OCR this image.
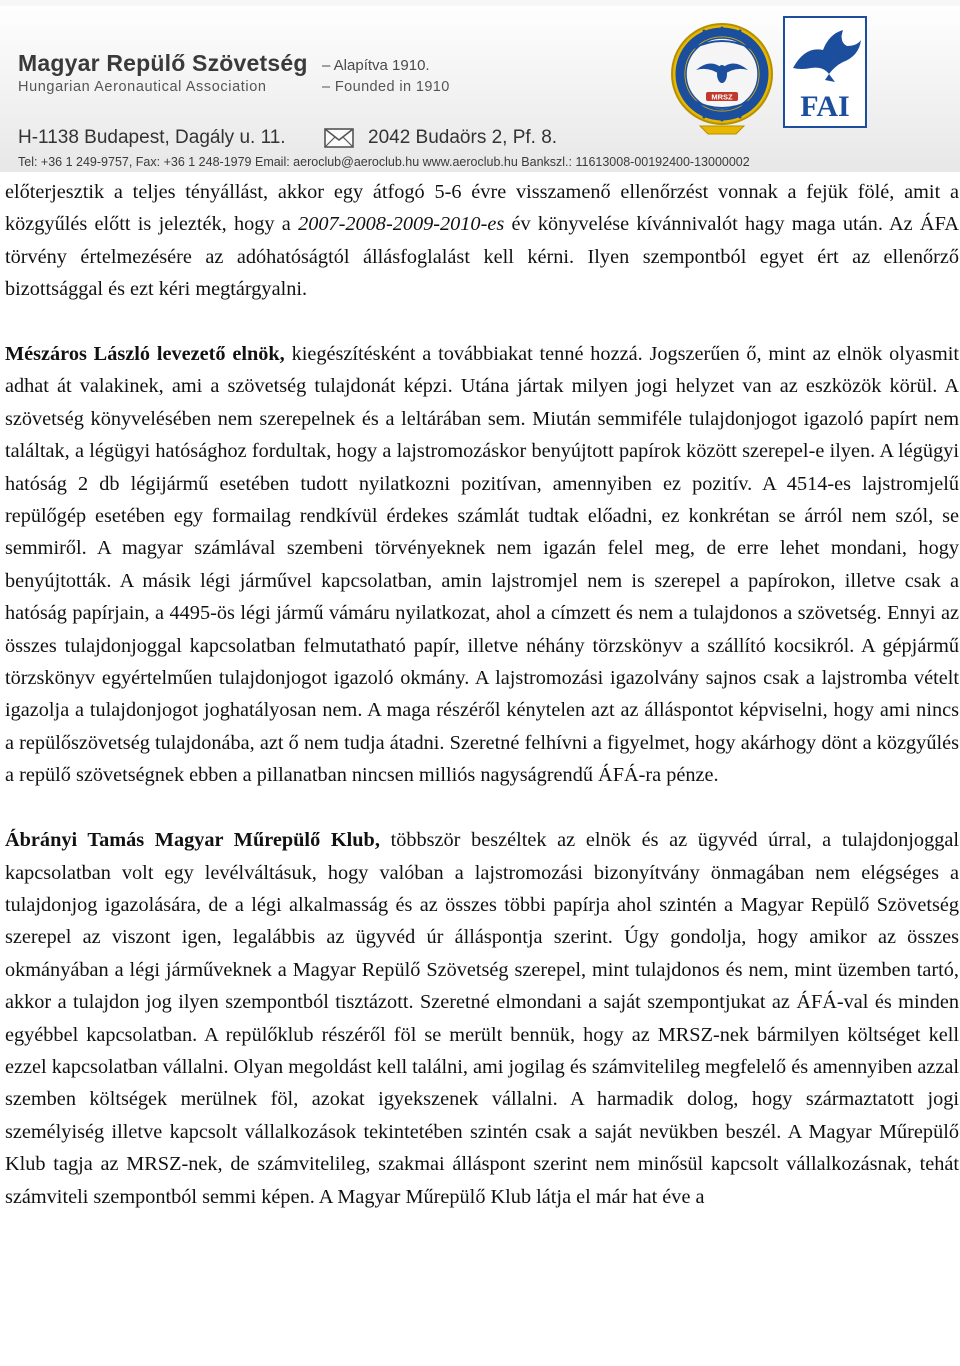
Magyar Repülő Szövetség – Alapítva 1910.
Hungarian Aeronautical Association	– Founded in 1910
H-1138 Budapest, Dagály u. 11.	2042 Budaörs 2, Pf. 8.
Tel: +36 1 249-9757, Fax: +36 1 248-1979 Email: aeroclub@aeroclub.hu www.aeroclub.hu Bankszl.: 11613008-00192400-13000002
MRSZ FAI

előterjesztik a teljes tényállást, akkor egy átfogó 5-6 évre visszamenő ellenőrzést vonnak a fejük fölé, amit a közgyűlés előtt is jelezték, hogy a 2007-2008-2009-2010-es év könyvelése kívánnivalót hagy maga után. Az ÁFA törvény értelmezésére az adóhatóságtól állásfoglalást kell kérni. Ilyen szempontból egyet ért az ellenőrző bizottsággal és ezt kéri megtárgyalni.

Mészáros László levezető elnök, kiegészítésként a továbbiakat tenné hozzá. Jogszerűen ő, mint az elnök olyasmit adhat át valakinek, ami a szövetség tulajdonát képzi. Utána jártak milyen jogi helyzet van az eszközök körül. A szövetség könyvelésében nem szerepelnek és a leltárában sem. Miután semmiféle tulajdonjogot igazoló papírt nem találtak, a légügyi hatósághoz fordultak, hogy a lajstromozáskor benyújtott papírok között szerepel-e ilyen. A légügyi hatóság 2 db légijármű esetében tudott nyilatkozni pozitívan, amennyiben ez pozitív. A 4514-es lajstromjelű repülőgép esetében egy formailag rendkívül érdekes számlát tudtak előadni, ez konkrétan se árról nem szól, se semmiről. A magyar számlával szembeni törvényeknek nem igazán felel meg, de erre lehet mondani, hogy benyújtották. A másik légi járművel kapcsolatban, amin lajstromjel nem is szerepel a papírokon, illetve csak a hatóság papírjain, a 4495-ös légi jármű vámáru nyilatkozat, ahol a címzett és nem a tulajdonos a szövetség. Ennyi az összes tulajdonjoggal kapcsolatban felmutatható papír, illetve néhány törzskönyv a szállító kocsikról. A gépjármű törzskönyv egyértelműen tulajdonjogot igazoló okmány. A lajstromozási igazolvány sajnos csak a lajstromba vételt igazolja a tulajdonjogot joghatályosan nem. A maga részéről kénytelen azt az álláspontot képviselni, hogy ami nincs a repülőszövetség tulajdonába, azt ő nem tudja átadni. Szeretné felhívni a figyelmet, hogy akárhogy dönt a közgyűlés a repülő szövetségnek ebben a pillanatban nincsen milliós nagyságrendű ÁFÁ-ra pénze.

Ábrányi Tamás Magyar Műrepülő Klub, többször beszéltek az elnök és az ügyvéd úrral, a tulajdonjoggal kapcsolatban volt egy levélváltásuk, hogy valóban a lajstromozási bizonyítvány önmagában nem elégséges a tulajdonjog igazolására, de a légi alkalmasság és az összes többi papírja ahol szintén a Magyar Repülő Szövetség szerepel az viszont igen, legalábbis az ügyvéd úr álláspontja szerint. Úgy gondolja, hogy amikor az összes okmányában a légi járműveknek a Magyar Repülő Szövetség szerepel, mint tulajdonos és nem, mint üzemben tartó, akkor a tulajdon jog ilyen szempontból tisztázott. Szeretné elmondani a saját szempontjukat az ÁFÁ-val és minden egyébbel kapcsolatban. A repülőklub részéről föl se merült bennük, hogy az MRSZ-nek bármilyen költséget kell ezzel kapcsolatban vállalni. Olyan megoldást kell találni, ami jogilag és számvitelileg megfelelő és amennyiben azzal szemben költségek merülnek föl, azokat igyekszenek vállalni. A harmadik dolog, hogy származtatott jogi személyiség illetve kapcsolt vállalkozások tekintetében szintén csak a saját nevükben beszél. A Magyar Műrepülő Klub tagja az MRSZ-nek, de számvitelileg, szakmai álláspont szerint nem minősül kapcsolt vállalkozásnak, tehát számviteli szempontból semmi képen. A Magyar Műrepülő Klub látja el már hat éve a
